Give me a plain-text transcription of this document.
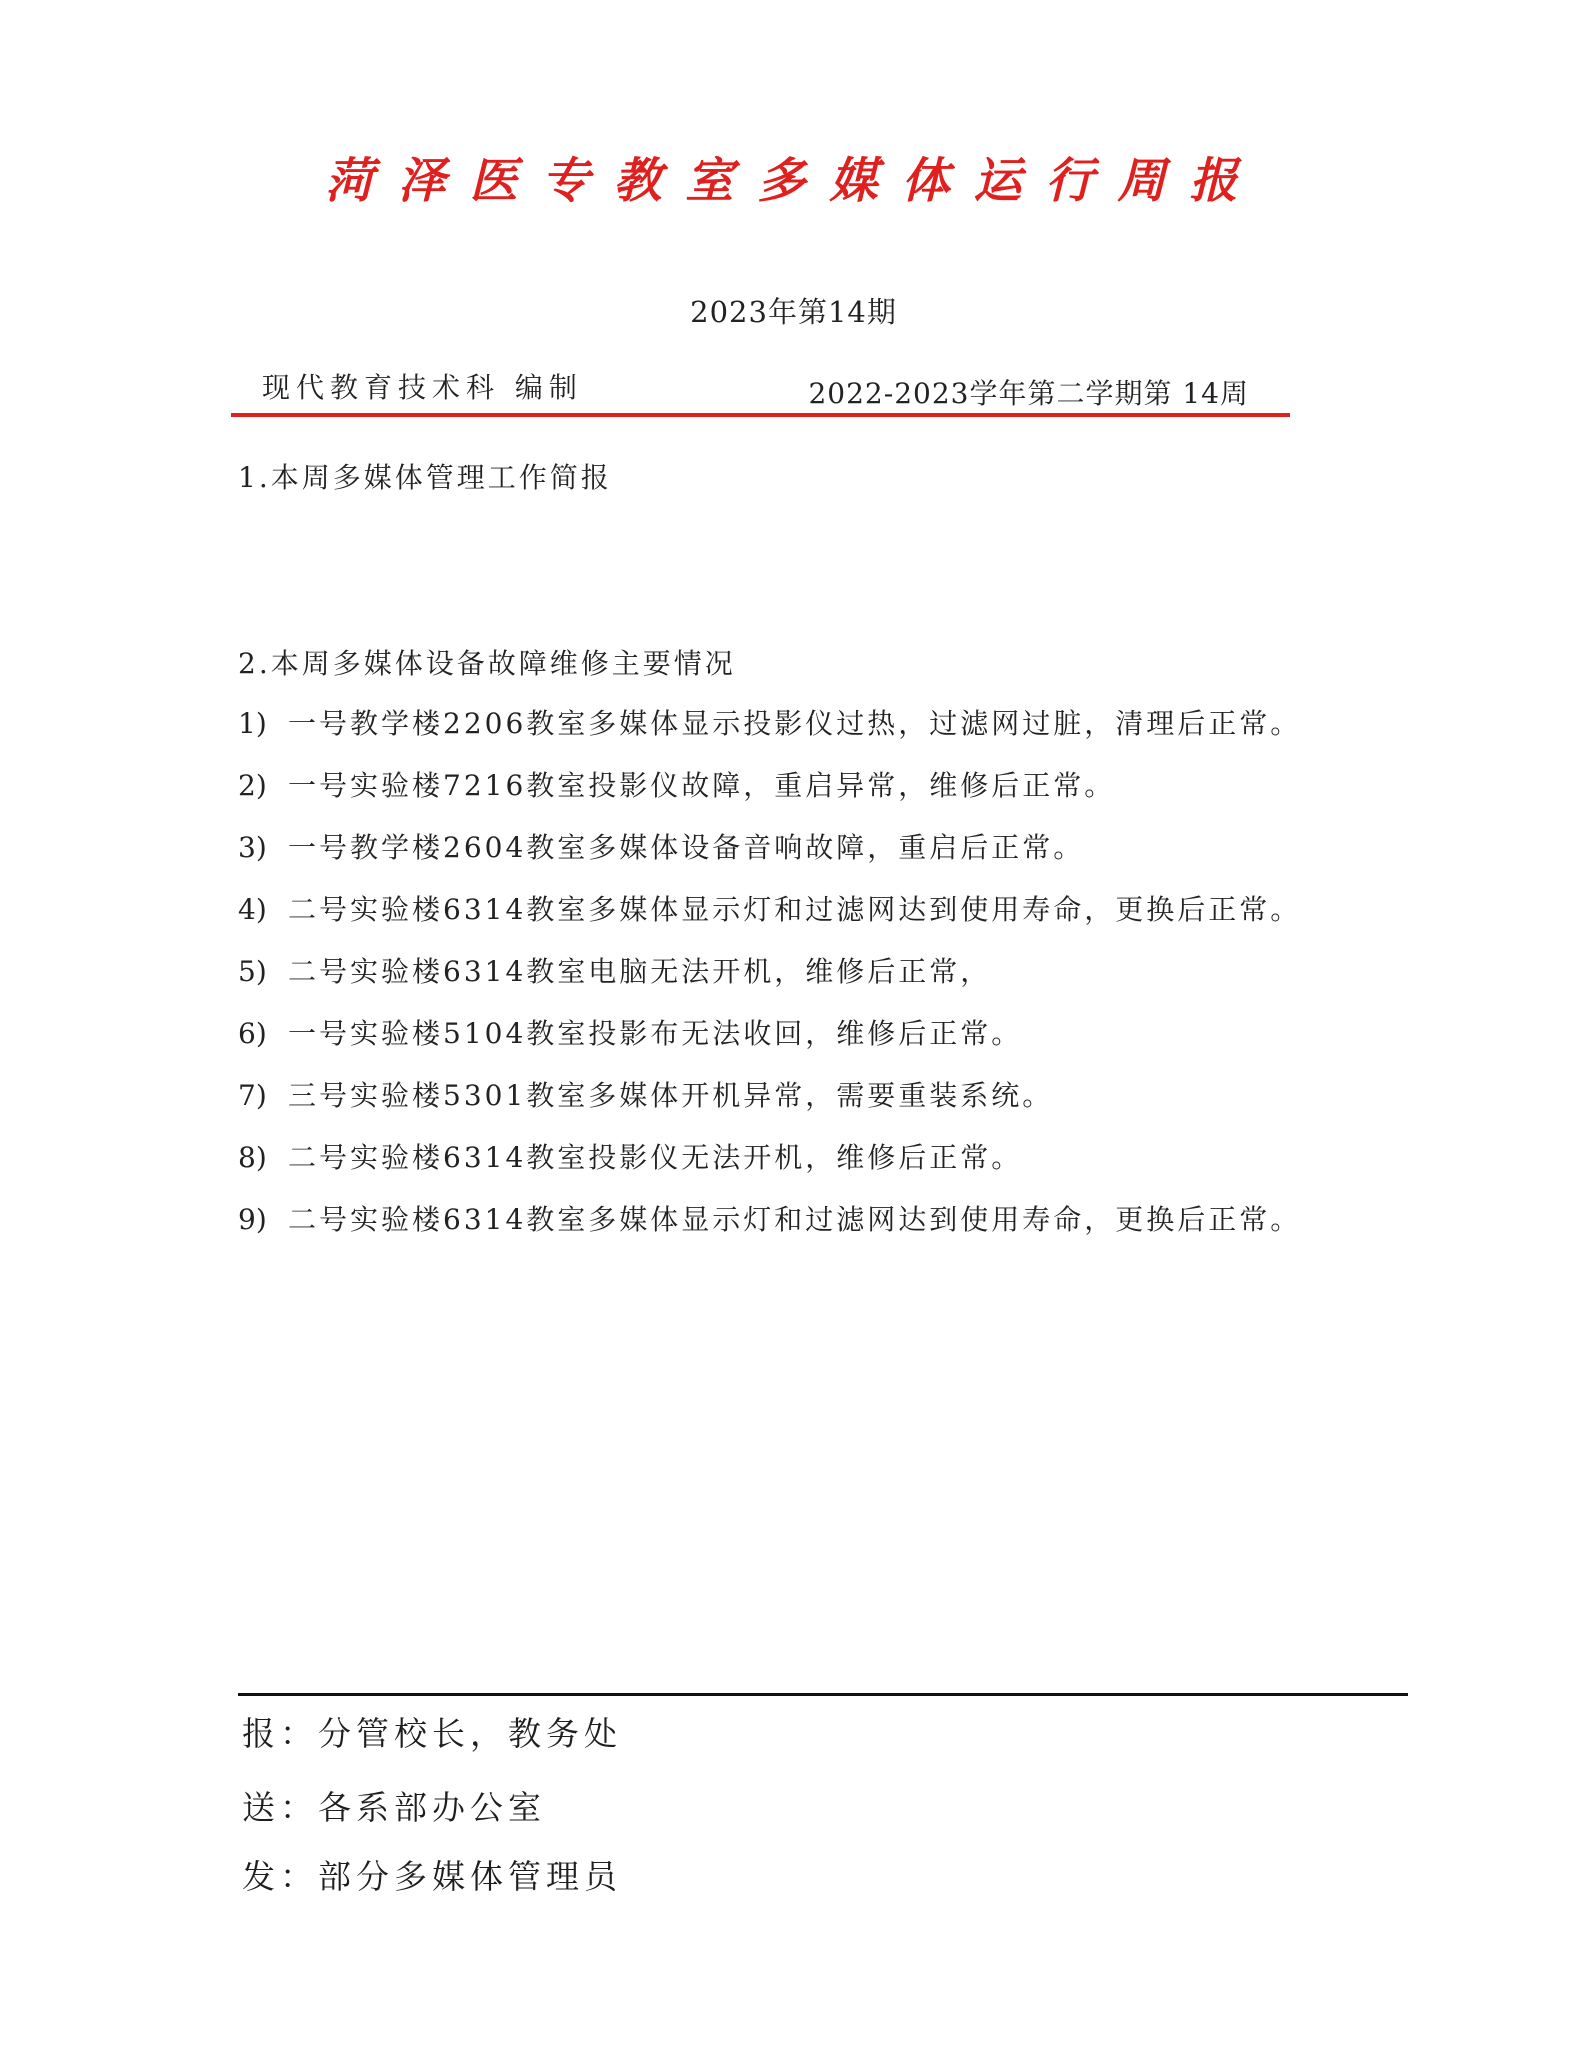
菏泽医专教室多媒体运行周报
2023年第14期
现代教育技术科 编制	2022-2023学年第二学期第 14周
1.本周多媒体管理工作简报
2.本周多媒体设备故障维修主要情况
1) 一号教学楼2206教室多媒体显示投影仪过热，过滤网过脏，清理后正常。
2) 一号实验楼7216教室投影仪故障，重启异常，维修后正常。
3) 一号教学楼2604教室多媒体设备音响故障，重启后正常。
4) 二号实验楼6314教室多媒体显示灯和过滤网达到使用寿命，更换后正常。
5) 二号实验楼6314教室电脑无法开机，维修后正常，
6) 一号实验楼5104教室投影布无法收回，维修后正常。
7) 三号实验楼5301教室多媒体开机异常，需要重装系统。
8) 二号实验楼6314教室投影仪无法开机，维修后正常。
9) 二号实验楼6314教室多媒体显示灯和过滤网达到使用寿命，更换后正常。
报：分管校长，教务处
送：各系部办公室
发：部分多媒体管理员
